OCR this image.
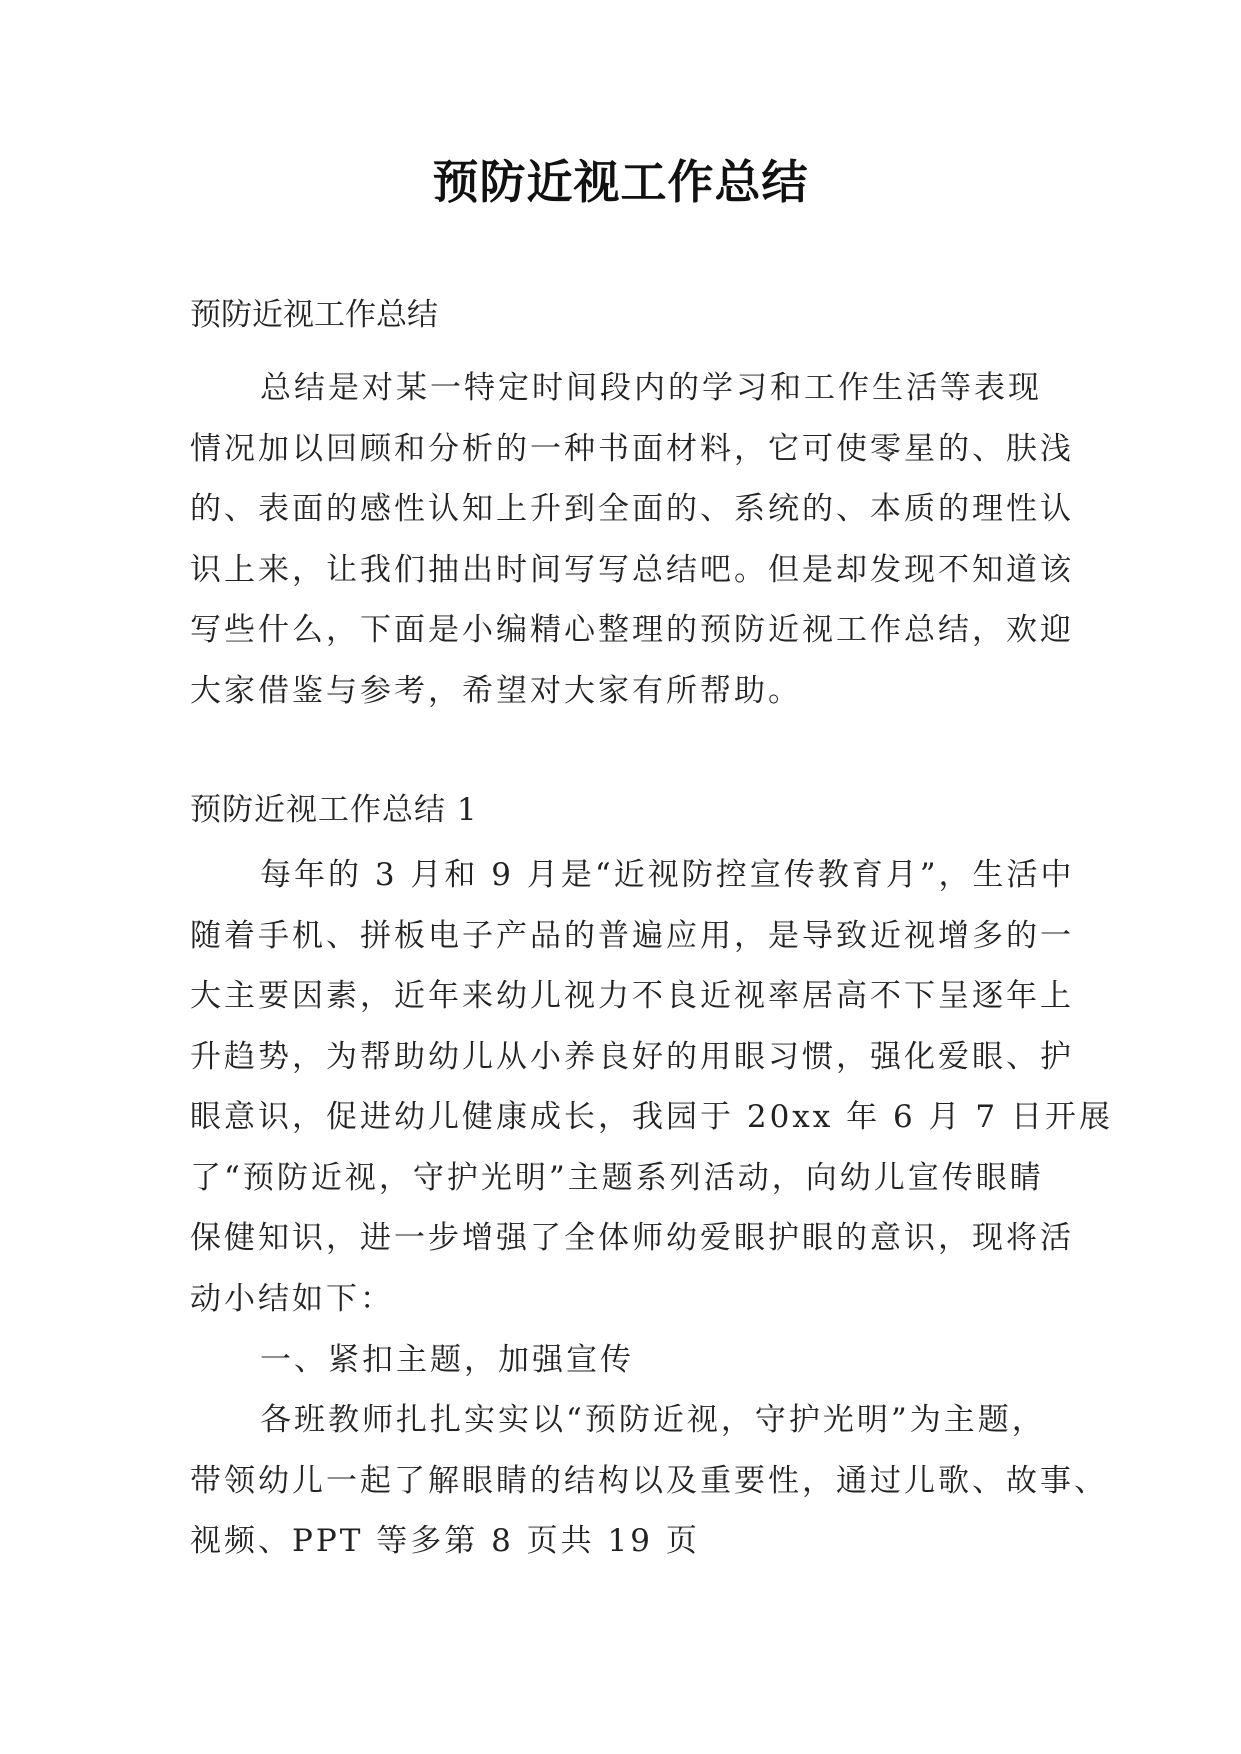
预防近视工作总结
预防近视工作总结
总结是对某一特定时间段内的学习和工作生活等表现
情况加以回顾和分析的一种书面材料，它可使零星的、肤浅
的、表面的感性认知上升到全面的、系统的、本质的理性认
识上来，让我们抽出时间写写总结吧。但是却发现不知道该
写些什么，下面是小编精心整理的预防近视工作总结，欢迎
大家借鉴与参考，希望对大家有所帮助。
预防近视工作总结 1
每年的 3 月和 9 月是“近视防控宣传教育月”，生活中
随着手机、拼板电子产品的普遍应用，是导致近视增多的一
大主要因素，近年来幼儿视力不良近视率居高不下呈逐年上
升趋势，为帮助幼儿从小养良好的用眼习惯，强化爱眼、护
眼意识，促进幼儿健康成长，我园于 20xx 年 6 月 7 日开展
了“预防近视，守护光明”主题系列活动，向幼儿宣传眼睛
保健知识，进一步增强了全体师幼爱眼护眼的意识，现将活
动小结如下：
一、紧扣主题，加强宣传
各班教师扎扎实实以“预防近视，守护光明”为主题，
带领幼儿一起了解眼睛的结构以及重要性，通过儿歌、故事、
视频、PPT 等多第 8 页共 19 页
